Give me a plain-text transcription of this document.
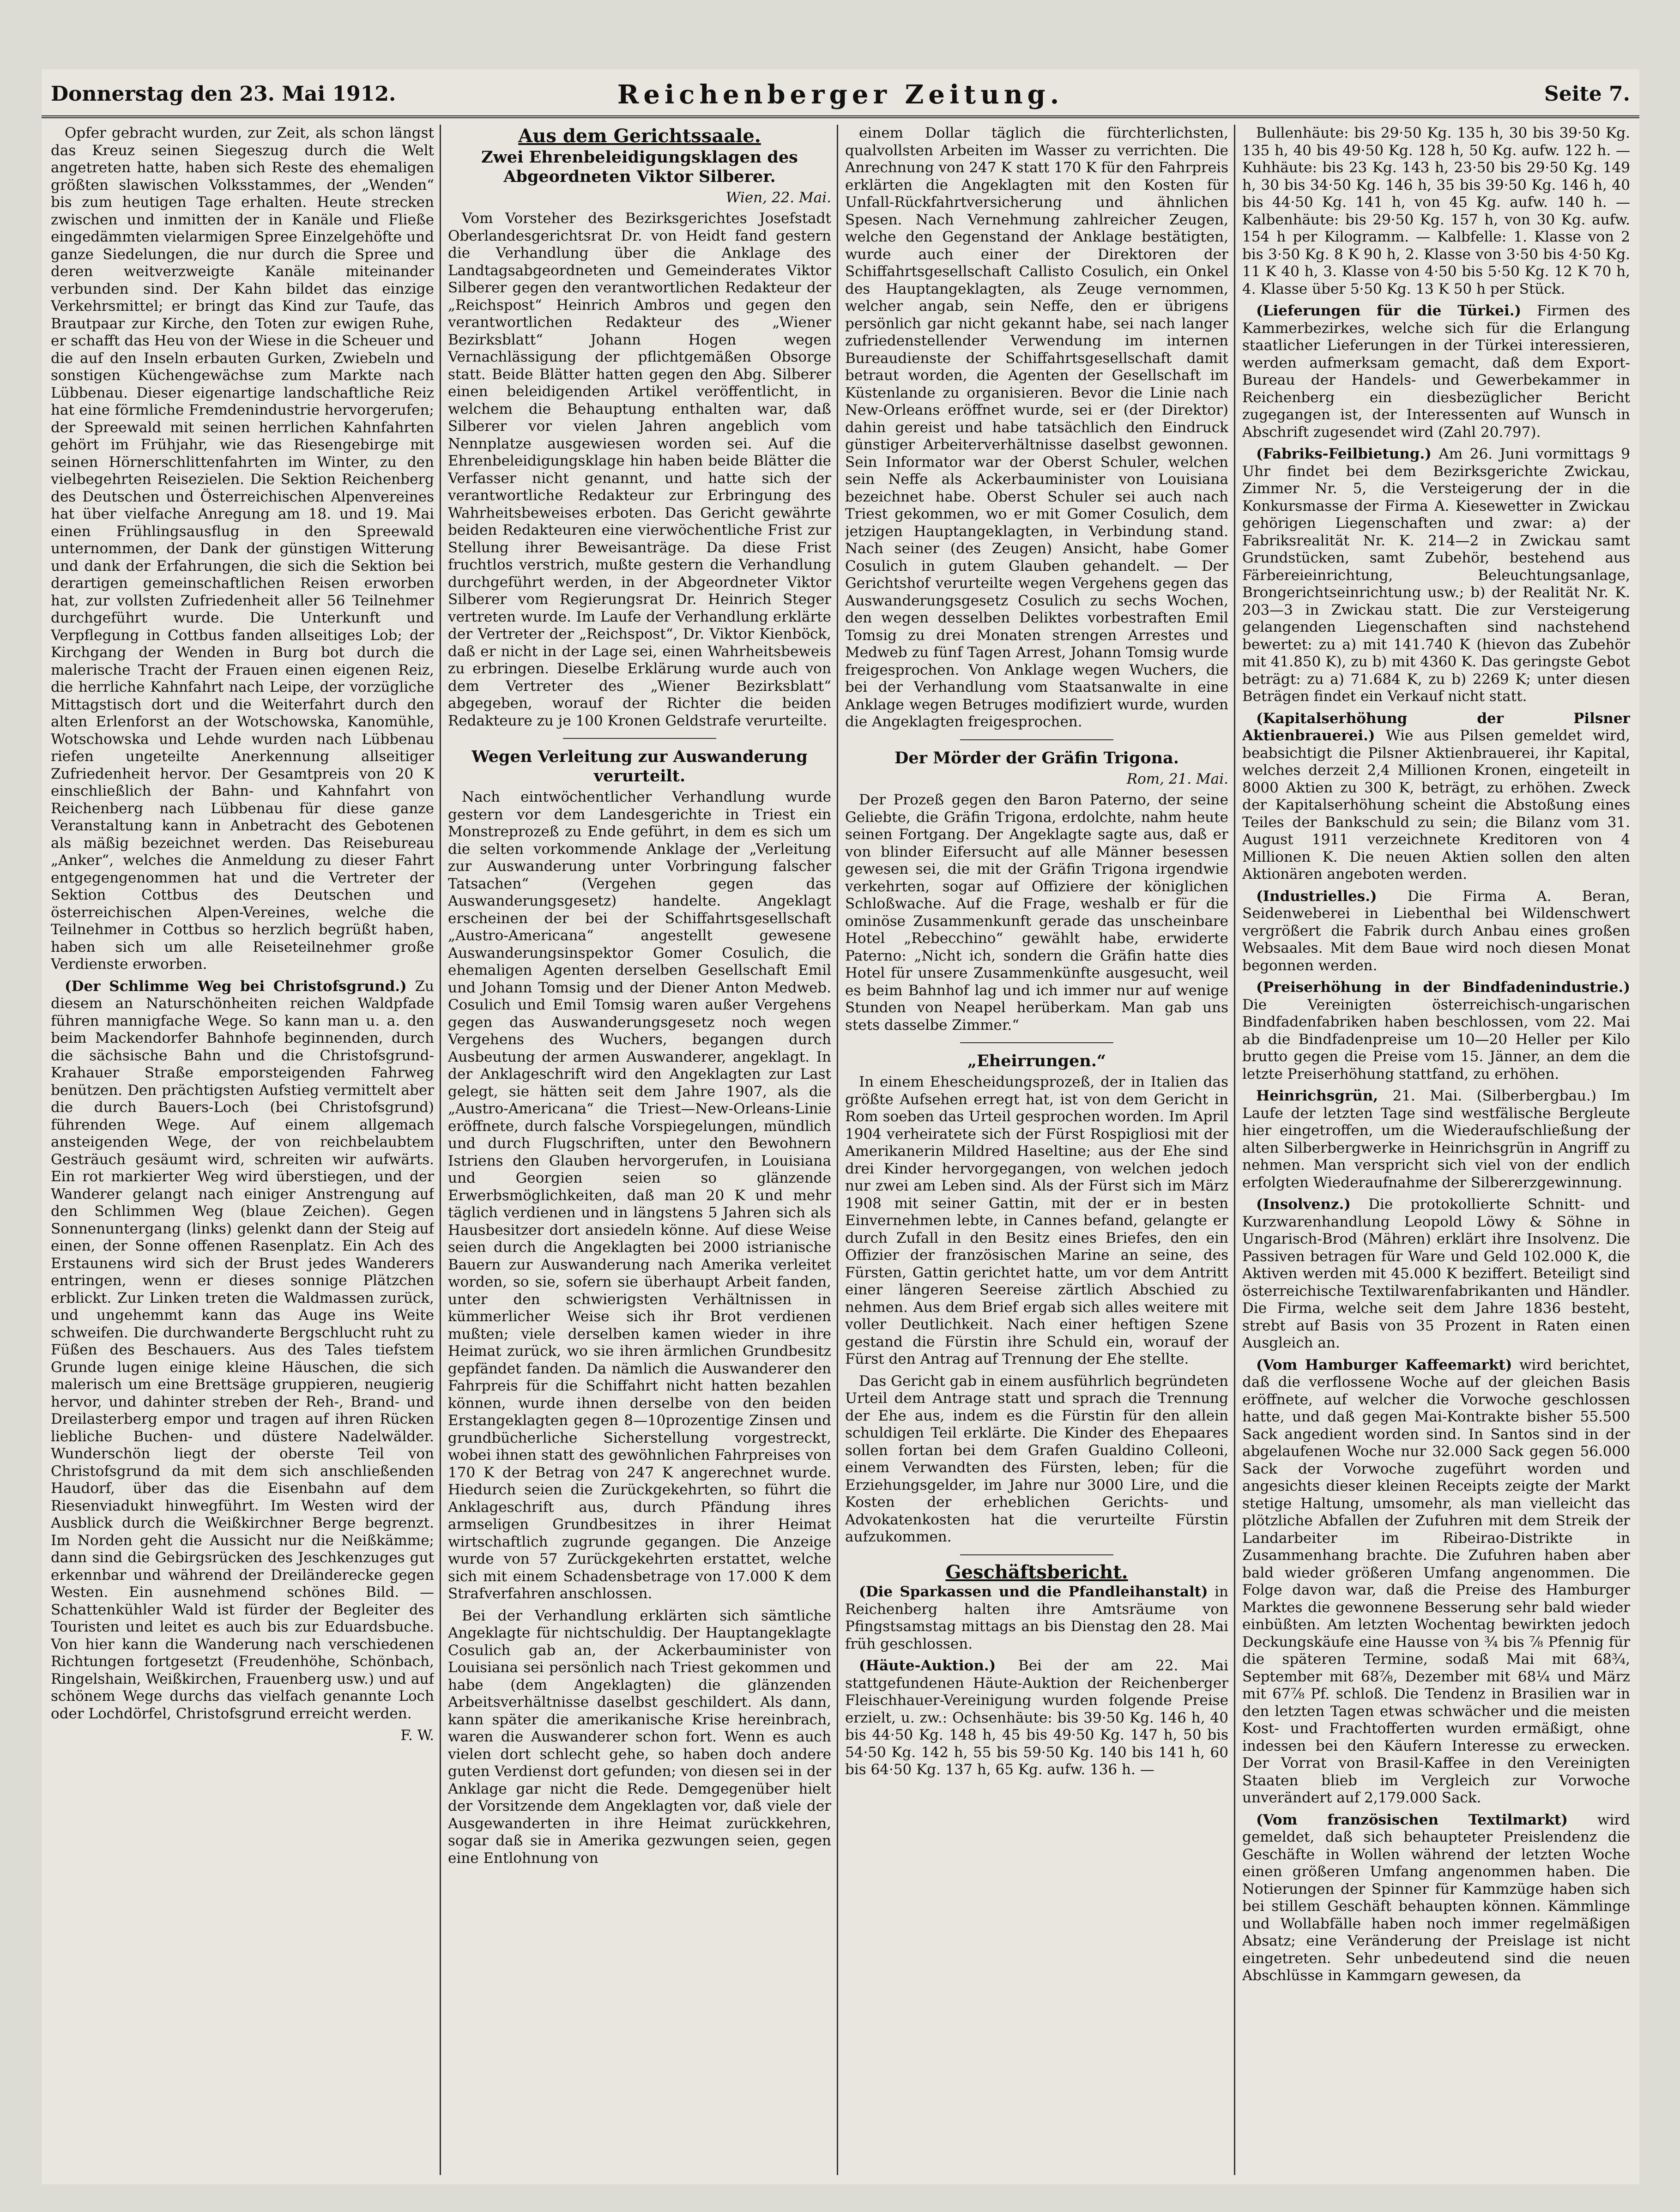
Donnerstag den 23. Mai 1912.	Reichenberger Zeitung.	Seite 7.

Opfer gebracht wurden, zur Zeit, als schon längst das Kreuz seinen Siegeszug durch die Welt angetreten hatte, haben sich Reste des ehemaligen größten slawischen Volksstammes, der „Wenden“ bis zum heutigen Tage erhalten. Heute strecken zwischen und inmitten der in Kanäle und Fließe eingedämmten vielarmigen Spree Einzelgehöfte und ganze Siedelungen, die nur durch die Spree und deren weitverzweigte Kanäle miteinander verbunden sind. Der Kahn bildet das einzige Verkehrsmittel; er bringt das Kind zur Taufe, das Brautpaar zur Kirche, den Toten zur ewigen Ruhe, er schafft das Heu von der Wiese in die Scheuer und die auf den Inseln erbauten Gurken, Zwiebeln und sonstigen Küchengewächse zum Markte nach Lübbenau. Dieser eigenartige landschaftliche Reiz hat eine förmliche Fremdenindustrie hervorgerufen; der Spreewald mit seinen herrlichen Kahnfahrten gehört im Frühjahr, wie das Riesengebirge mit seinen Hörnerschlittenfahrten im Winter, zu den vielbegehrten Reisezielen. Die Sektion Reichenberg des Deutschen und Österreichischen Alpenvereines hat über vielfache Anregung am 18. und 19. Mai einen Frühlingsausflug in den Spreewald unternommen, der Dank der günstigen Witterung und dank der Erfahrungen, die sich die Sektion bei derartigen gemeinschaftlichen Reisen erworben hat, zur vollsten Zufriedenheit aller 56 Teilnehmer durchgeführt wurde. Die Unterkunft und Verpflegung in Cottbus fanden allseitiges Lob; der Kirchgang der Wenden in Burg bot durch die malerische Tracht der Frauen einen eigenen Reiz, die herrliche Kahnfahrt nach Leipe, der vorzügliche Mittagstisch dort und die Weiterfahrt durch den alten Erlenforst an der Wotschowska, Kanomühle, Wotschowska und Lehde wurden nach Lübbenau riefen ungeteilte Anerkennung allseitiger Zufriedenheit hervor. Der Gesamtpreis von 20 K einschließlich der Bahn- und Kahnfahrt von Reichenberg nach Lübbenau für diese ganze Veranstaltung kann in Anbetracht des Gebotenen als mäßig bezeichnet werden. Das Reisebureau „Anker“, welches die Anmeldung zu dieser Fahrt entgegengenommen hat und die Vertreter der Sektion Cottbus des Deutschen und österreichischen Alpen-Vereines, welche die Teilnehmer in Cottbus so herzlich begrüßt haben, haben sich um alle Reiseteilnehmer große Verdienste erworben.

(Der Schlimme Weg bei Christofsgrund.) Zu diesem an Naturschönheiten reichen Waldpfade führen mannigfache Wege. So kann man u. a. den beim Mackendorfer Bahnhofe beginnenden, durch die sächsische Bahn und die Christofsgrund-Krahauer Straße emporsteigenden Fahrweg benützen. Den prächtigsten Aufstieg vermittelt aber die durch Bauers-Loch (bei Christofsgrund) führenden Wege. Auf einem allgemach ansteigenden Wege, der von reichbelaubtem Gesträuch gesäumt wird, schreiten wir aufwärts. Ein rot markierter Weg wird überstiegen, und der Wanderer gelangt nach einiger Anstrengung auf den Schlimmen Weg (blaue Zeichen). Gegen Sonnenuntergang (links) gelenkt dann der Steig auf einen, der Sonne offenen Rasenplatz. Ein Ach des Erstaunens wird sich der Brust jedes Wanderers entringen, wenn er dieses sonnige Plätzchen erblickt. Zur Linken treten die Waldmassen zurück, und ungehemmt kann das Auge ins Weite schweifen. Die durchwanderte Bergschlucht ruht zu Füßen des Beschauers. Aus des Tales tiefstem Grunde lugen einige kleine Häuschen, die sich malerisch um eine Brettsäge gruppieren, neugierig hervor, und dahinter streben der Reh-, Brand- und Dreilasterberg empor und tragen auf ihren Rücken liebliche Buchen- und düstere Nadelwälder. Wunderschön liegt der oberste Teil von Christofsgrund da mit dem sich anschließenden Haudorf, über das die Eisenbahn auf dem Riesenviadukt hinwegführt. Im Westen wird der Ausblick durch die Weißkirchner Berge begrenzt. Im Norden geht die Aussicht nur die Neißkämme; dann sind die Gebirgsrücken des Jeschkenzuges gut erkennbar und während der Dreiländerecke gegen Westen. Ein ausnehmend schönes Bild. — Schattenkühler Wald ist fürder der Begleiter des Touristen und leitet es auch bis zur Eduardsbuche. Von hier kann die Wanderung nach verschiedenen Richtungen fortgesetzt (Freudenhöhe, Schönbach, Ringelshain, Weißkirchen, Frauenberg usw.) und auf schönem Wege durchs das vielfach genannte Loch oder Lochdörfel, Christofsgrund erreicht werden.

F. W.
Aus dem Gerichtssaale.
Zwei Ehrenbeleidigungsklagen des Abgeordneten Viktor Silberer.
Wien, 22. Mai.

Vom Vorsteher des Bezirksgerichtes Josefstadt Oberlandesgerichtsrat Dr. von Heidt fand gestern die Verhandlung über die Anklage des Landtagsabgeordneten und Gemeinderates Viktor Silberer gegen den verantwortlichen Redakteur der „Reichspost“ Heinrich Ambros und gegen den verantwortlichen Redakteur des „Wiener Bezirksblatt“ Johann Hogen wegen Vernachlässigung der pflichtgemäßen Obsorge statt. Beide Blätter hatten gegen den Abg. Silberer einen beleidigenden Artikel veröffentlicht, in welchem die Behauptung enthalten war, daß Silberer vor vielen Jahren angeblich vom Nennplatze ausgewiesen worden sei. Auf die Ehrenbeleidigungsklage hin haben beide Blätter die Verfasser nicht genannt, und hatte sich der verantwortliche Redakteur zur Erbringung des Wahrheitsbeweises erboten. Das Gericht gewährte beiden Redakteuren eine vierwöchentliche Frist zur Stellung ihrer Beweisanträge. Da diese Frist fruchtlos verstrich, mußte gestern die Verhandlung durchgeführt werden, in der Abgeordneter Viktor Silberer vom Regierungsrat Dr. Heinrich Steger vertreten wurde. Im Laufe der Verhandlung erklärte der Vertreter der „Reichspost“, Dr. Viktor Kienböck, daß er nicht in der Lage sei, einen Wahrheitsbeweis zu erbringen. Dieselbe Erklärung wurde auch von dem Vertreter des „Wiener Bezirksblatt“ abgegeben, worauf der Richter die beiden Redakteure zu je 100 Kronen Geldstrafe verurteilte.

Wegen Verleitung zur Auswanderung verurteilt.

Nach eintwöchentlicher Verhandlung wurde gestern vor dem Landesgerichte in Triest ein Monstreprozeß zu Ende geführt, in dem es sich um die selten vorkommende Anklage der „Verleitung zur Auswanderung unter Vorbringung falscher Tatsachen“ (Vergehen gegen das Auswanderungsgesetz) handelte. Angeklagt erscheinen der bei der Schiffahrtsgesellschaft „Austro-Americana“ angestellt gewesene Auswanderungsinspektor Gomer Cosulich, die ehemaligen Agenten derselben Gesellschaft Emil und Johann Tomsig und der Diener Anton Medweb. Cosulich und Emil Tomsig waren außer Vergehens gegen das Auswanderungsgesetz noch wegen Vergehens des Wuchers, begangen durch Ausbeutung der armen Auswanderer, angeklagt. In der Anklageschrift wird den Angeklagten zur Last gelegt, sie hätten seit dem Jahre 1907, als die „Austro-Americana“ die Triest—New-Orleans-Linie eröffnete, durch falsche Vorspiegelungen, mündlich und durch Flugschriften, unter den Bewohnern Istriens den Glauben hervorgerufen, in Louisiana und Georgien seien so glänzende Erwerbsmöglichkeiten, daß man 20 K und mehr täglich verdienen und in längstens 5 Jahren sich als Hausbesitzer dort ansiedeln könne. Auf diese Weise seien durch die Angeklagten bei 2000 istrianische Bauern zur Auswanderung nach Amerika verleitet worden, so sie, sofern sie überhaupt Arbeit fanden, unter den schwierigsten Verhältnissen in kümmerlicher Weise sich ihr Brot verdienen mußten; viele derselben kamen wieder in ihre Heimat zurück, wo sie ihren ärmlichen Grundbesitz gepfändet fanden. Da nämlich die Auswanderer den Fahrpreis für die Schiffahrt nicht hatten bezahlen können, wurde ihnen derselbe von den beiden Erstangeklagten gegen 8—10prozentige Zinsen und grundbücherliche Sicherstellung vorgestreckt, wobei ihnen statt des gewöhnlichen Fahrpreises von 170 K der Betrag von 247 K angerechnet wurde. Hiedurch seien die Zurückgekehrten, so führt die Anklageschrift aus, durch Pfändung ihres armseligen Grundbesitzes in ihrer Heimat wirtschaftlich zugrunde gegangen. Die Anzeige wurde von 57 Zurückgekehrten erstattet, welche sich mit einem Schadensbetrage von 17.000 K dem Strafverfahren anschlossen.

Bei der Verhandlung erklärten sich sämtliche Angeklagte für nichtschuldig. Der Hauptangeklagte Cosulich gab an, der Ackerbauminister von Louisiana sei persönlich nach Triest gekommen und habe (dem Angeklagten) die glänzenden Arbeitsverhältnisse daselbst geschildert. Als dann, kann später die amerikanische Krise hereinbrach, waren die Auswanderer schon fort. Wenn es auch vielen dort schlecht gehe, so haben doch andere guten Verdienst dort gefunden; von diesen sei in der Anklage gar nicht die Rede. Demgegenüber hielt der Vorsitzende dem Angeklagten vor, daß viele der Ausgewanderten in ihre Heimat zurückkehren, sogar daß sie in Amerika gezwungen seien, gegen eine Entlohnung von

einem Dollar täglich die fürchterlichsten, qualvollsten Arbeiten im Wasser zu verrichten. Die Anrechnung von 247 K statt 170 K für den Fahrpreis erklärten die Angeklagten mit den Kosten für Unfall-Rückfahrtversicherung und ähnlichen Spesen. Nach Vernehmung zahlreicher Zeugen, welche den Gegenstand der Anklage bestätigten, wurde auch einer der Direktoren der Schiffahrtsgesellschaft Callisto Cosulich, ein Onkel des Hauptangeklagten, als Zeuge vernommen, welcher angab, sein Neffe, den er übrigens persönlich gar nicht gekannt habe, sei nach langer zufriedenstellender Verwendung im internen Bureaudienste der Schiffahrtsgesellschaft damit betraut worden, die Agenten der Gesellschaft im Küstenlande zu organisieren. Bevor die Linie nach New-Orleans eröffnet wurde, sei er (der Direktor) dahin gereist und habe tatsächlich den Eindruck günstiger Arbeiterverhältnisse daselbst gewonnen. Sein Informator war der Oberst Schuler, welchen sein Neffe als Ackerbauminister von Louisiana bezeichnet habe. Oberst Schuler sei auch nach Triest gekommen, wo er mit Gomer Cosulich, dem jetzigen Hauptangeklagten, in Verbindung stand. Nach seiner (des Zeugen) Ansicht, habe Gomer Cosulich in gutem Glauben gehandelt. — Der Gerichtshof verurteilte wegen Vergehens gegen das Auswanderungsgesetz Cosulich zu sechs Wochen, den wegen desselben Deliktes vorbestraften Emil Tomsig zu drei Monaten strengen Arrestes und Medweb zu fünf Tagen Arrest, Johann Tomsig wurde freigesprochen. Von Anklage wegen Wuchers, die bei der Verhandlung vom Staatsanwalte in eine Anklage wegen Betruges modifiziert wurde, wurden die Angeklagten freigesprochen.

Der Mörder der Gräfin Trigona.
Rom, 21. Mai.

Der Prozeß gegen den Baron Paterno, der seine Geliebte, die Gräfin Trigona, erdolchte, nahm heute seinen Fortgang. Der Angeklagte sagte aus, daß er von blinder Eifersucht auf alle Männer besessen gewesen sei, die mit der Gräfin Trigona irgendwie verkehrten, sogar auf Offiziere der königlichen Schloßwache. Auf die Frage, weshalb er für die ominöse Zusammenkunft gerade das unscheinbare Hotel „Rebecchino“ gewählt habe, erwiderte Paterno: „Nicht ich, sondern die Gräfin hatte dies Hotel für unsere Zusammenkünfte ausgesucht, weil es beim Bahnhof lag und ich immer nur auf wenige Stunden von Neapel herüberkam. Man gab uns stets dasselbe Zimmer.“

„Eheirrungen.“

In einem Ehescheidungsprozeß, der in Italien das größte Aufsehen erregt hat, ist von dem Gericht in Rom soeben das Urteil gesprochen worden. Im April 1904 verheiratete sich der Fürst Rospigliosi mit der Amerikanerin Mildred Haseltine; aus der Ehe sind drei Kinder hervorgegangen, von welchen jedoch nur zwei am Leben sind. Als der Fürst sich im März 1908 mit seiner Gattin, mit der er in besten Einvernehmen lebte, in Cannes befand, gelangte er durch Zufall in den Besitz eines Briefes, den ein Offizier der französischen Marine an seine, des Fürsten, Gattin gerichtet hatte, um vor dem Antritt einer längeren Seereise zärtlich Abschied zu nehmen. Aus dem Brief ergab sich alles weitere mit voller Deutlichkeit. Nach einer heftigen Szene gestand die Fürstin ihre Schuld ein, worauf der Fürst den Antrag auf Trennung der Ehe stellte.

Das Gericht gab in einem ausführlich begründeten Urteil dem Antrage statt und sprach die Trennung der Ehe aus, indem es die Fürstin für den allein schuldigen Teil erklärte. Die Kinder des Ehepaares sollen fortan bei dem Grafen Gualdino Colleoni, einem Verwandten des Fürsten, leben; für die Erziehungsgelder, im Jahre nur 3000 Lire, und die Kosten der erheblichen Gerichts- und Advokatenkosten hat die verurteilte Fürstin aufzukommen.

Geschäftsbericht.

(Die Sparkassen und die Pfandleihanstalt) in Reichenberg halten ihre Amtsräume von Pfingstsamstag mittags an bis Dienstag den 28. Mai früh geschlossen.

(Häute-Auktion.) Bei der am 22. Mai stattgefundenen Häute-Auktion der Reichenberger Fleischhauer-Vereinigung wurden folgende Preise erzielt, u. zw.: Ochsenhäute: bis 39·50 Kg. 146 h, 40 bis 44·50 Kg. 148 h, 45 bis 49·50 Kg. 147 h, 50 bis 54·50 Kg. 142 h, 55 bis 59·50 Kg. 140 bis 141 h, 60 bis 64·50 Kg. 137 h, 65 Kg. aufw. 136 h. —

Bullenhäute: bis 29·50 Kg. 135 h, 30 bis 39·50 Kg. 135 h, 40 bis 49·50 Kg. 128 h, 50 Kg. aufw. 122 h. — Kuhhäute: bis 23 Kg. 143 h, 23·50 bis 29·50 Kg. 149 h, 30 bis 34·50 Kg. 146 h, 35 bis 39·50 Kg. 146 h, 40 bis 44·50 Kg. 141 h, von 45 Kg. aufw. 140 h. — Kalbenhäute: bis 29·50 Kg. 157 h, von 30 Kg. aufw. 154 h per Kilogramm. — Kalbfelle: 1. Klasse von 2 bis 3·50 Kg. 8 K 90 h, 2. Klasse von 3·50 bis 4·50 Kg. 11 K 40 h, 3. Klasse von 4·50 bis 5·50 Kg. 12 K 70 h, 4. Klasse über 5·50 Kg. 13 K 50 h per Stück.

(Lieferungen für die Türkei.) Firmen des Kammerbezirkes, welche sich für die Erlangung staatlicher Lieferungen in der Türkei interessieren, werden aufmerksam gemacht, daß dem Export-Bureau der Handels- und Gewerbekammer in Reichenberg ein diesbezüglicher Bericht zugegangen ist, der Interessenten auf Wunsch in Abschrift zugesendet wird (Zahl 20.797).

(Fabriks-Feilbietung.) Am 26. Juni vormittags 9 Uhr findet bei dem Bezirksgerichte Zwickau, Zimmer Nr. 5, die Versteigerung der in die Konkursmasse der Firma A. Kiesewetter in Zwickau gehörigen Liegenschaften und zwar: a) der Fabriksrealität Nr. K. 214—2 in Zwickau samt Grundstücken, samt Zubehör, bestehend aus Färbereieinrichtung, Beleuchtungsanlage, Brongerichtseinrichtung usw.; b) der Realität Nr. K. 203—3 in Zwickau statt. Die zur Versteigerung gelangenden Liegenschaften sind nachstehend bewertet: zu a) mit 141.740 K (hievon das Zubehör mit 41.850 K), zu b) mit 4360 K. Das geringste Gebot beträgt: zu a) 71.684 K, zu b) 2269 K; unter diesen Beträgen findet ein Verkauf nicht statt.

(Kapitalserhöhung der Pilsner Aktienbrauerei.) Wie aus Pilsen gemeldet wird, beabsichtigt die Pilsner Aktienbrauerei, ihr Kapital, welches derzeit 2,4 Millionen Kronen, eingeteilt in 8000 Aktien zu 300 K, beträgt, zu erhöhen. Zweck der Kapitalserhöhung scheint die Abstoßung eines Teiles der Bankschuld zu sein; die Bilanz vom 31. August 1911 verzeichnete Kreditoren von 4 Millionen K. Die neuen Aktien sollen den alten Aktionären angeboten werden.

(Industrielles.) Die Firma A. Beran, Seidenweberei in Liebenthal bei Wildenschwert vergrößert die Fabrik durch Anbau eines großen Websaales. Mit dem Baue wird noch diesen Monat begonnen werden.

(Preiserhöhung in der Bindfadenindustrie.) Die Vereinigten österreichisch-ungarischen Bindfadenfabriken haben beschlossen, vom 22. Mai ab die Bindfadenpreise um 10—20 Heller per Kilo brutto gegen die Preise vom 15. Jänner, an dem die letzte Preiserhöhung stattfand, zu erhöhen.

Heinrichsgrün, 21. Mai. (Silberbergbau.) Im Laufe der letzten Tage sind westfälische Bergleute hier eingetroffen, um die Wiederaufschließung der alten Silberbergwerke in Heinrichsgrün in Angriff zu nehmen. Man verspricht sich viel von der endlich erfolgten Wiederaufnahme der Silbererzgewinnung.

(Insolvenz.) Die protokollierte Schnitt- und Kurzwarenhandlung Leopold Löwy & Söhne in Ungarisch-Brod (Mähren) erklärt ihre Insolvenz. Die Passiven betragen für Ware und Geld 102.000 K, die Aktiven werden mit 45.000 K beziffert. Beteiligt sind österreichische Textilwarenfabrikanten und Händler. Die Firma, welche seit dem Jahre 1836 besteht, strebt auf Basis von 35 Prozent in Raten einen Ausgleich an.

(Vom Hamburger Kaffeemarkt) wird berichtet, daß die verflossene Woche auf der gleichen Basis eröffnete, auf welcher die Vorwoche geschlossen hatte, und daß gegen Mai-Kontrakte bisher 55.500 Sack angedient worden sind. In Santos sind in der abgelaufenen Woche nur 32.000 Sack gegen 56.000 Sack der Vorwoche zugeführt worden und angesichts dieser kleinen Receipts zeigte der Markt stetige Haltung, umsomehr, als man vielleicht das plötzliche Abfallen der Zufuhren mit dem Streik der Landarbeiter im Ribeirao-Distrikte in Zusammenhang brachte. Die Zufuhren haben aber bald wieder größeren Umfang angenommen. Die Folge davon war, daß die Preise des Hamburger Marktes die gewonnene Besserung sehr bald wieder einbüßten. Am letzten Wochentag bewirkten jedoch Deckungskäufe eine Hausse von ¾ bis ⅞ Pfennig für die späteren Termine, sodaß Mai mit 68¾, September mit 68⅞, Dezember mit 68¼ und März mit 67⅞ Pf. schloß. Die Tendenz in Brasilien war in den letzten Tagen etwas schwächer und die meisten Kost- und Frachtofferten wurden ermäßigt, ohne indessen bei den Käufern Interesse zu erwecken. Der Vorrat von Brasil-Kaffee in den Vereinigten Staaten blieb im Vergleich zur Vorwoche unverändert auf 2,179.000 Sack.

(Vom französischen Textilmarkt) wird gemeldet, daß sich behaupteter Preislendenz die Geschäfte in Wollen während der letzten Woche einen größeren Umfang angenommen haben. Die Notierungen der Spinner für Kammzüge haben sich bei stillem Geschäft behaupten können. Kämmlinge und Wollabfälle haben noch immer regelmäßigen Absatz; eine Veränderung der Preislage ist nicht eingetreten. Sehr unbedeutend sind die neuen Abschlüsse in Kammgarn gewesen, da
